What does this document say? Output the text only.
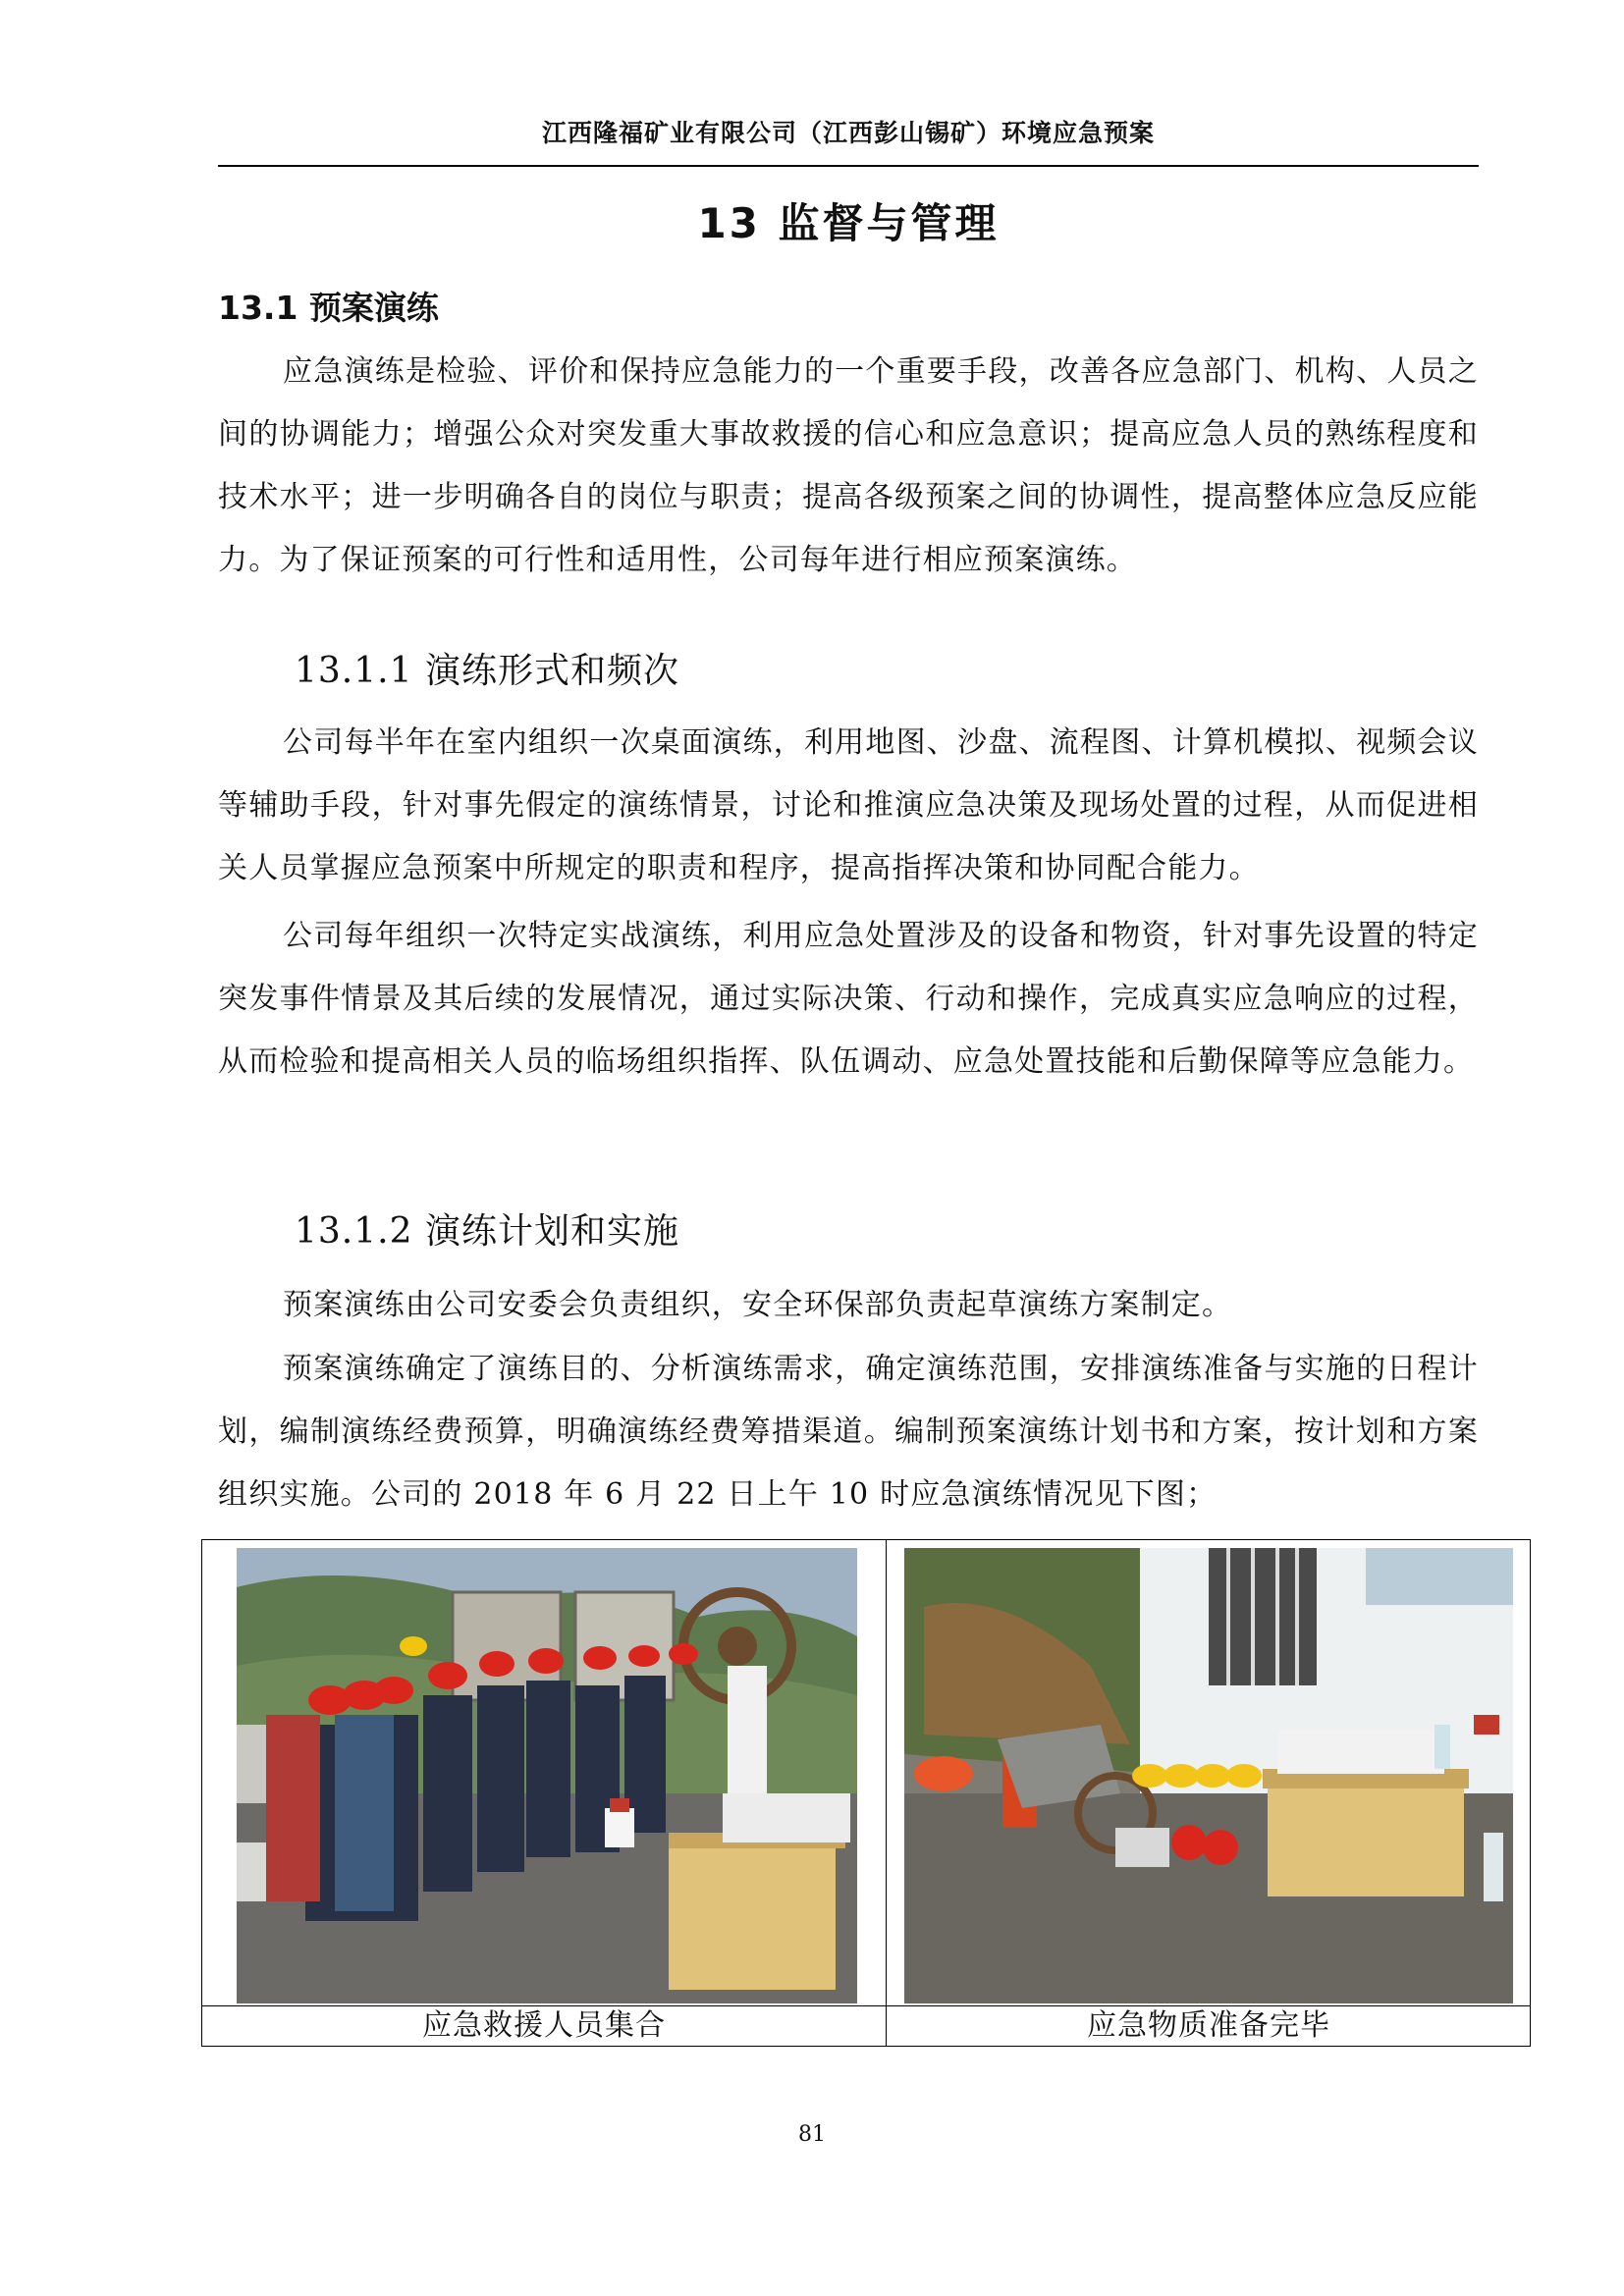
江西隆福矿业有限公司（江西彭山锡矿）环境应急预案
13 监督与管理
13.1 预案演练

应急演练是检验、评价和保持应急能力的一个重要手段，改善各应急部门、机构、人员之间的协调能力；增强公众对突发重大事故救援的信心和应急意识；提高应急人员的熟练程度和技术水平；进一步明确各自的岗位与职责；提高各级预案之间的协调性，提高整体应急反应能力。为了保证预案的可行性和适用性，公司每年进行相应预案演练。

13.1.1 演练形式和频次

公司每半年在室内组织一次桌面演练，利用地图、沙盘、流程图、计算机模拟、视频会议等辅助手段，针对事先假定的演练情景，讨论和推演应急决策及现场处置的过程，从而促进相关人员掌握应急预案中所规定的职责和程序，提高指挥决策和协同配合能力。

公司每年组织一次特定实战演练，利用应急处置涉及的设备和物资，针对事先设置的特定突发事件情景及其后续的发展情况，通过实际决策、行动和操作，完成真实应急响应的过程，从而检验和提高相关人员的临场组织指挥、队伍调动、应急处置技能和后勤保障等应急能力。

13.1.2 演练计划和实施

预案演练由公司安委会负责组织，安全环保部负责起草演练方案制定。

预案演练确定了演练目的、分析演练需求，确定演练范围，安排演练准备与实施的日程计划，编制演练经费预算，明确演练经费筹措渠道。编制预案演练计划书和方案，按计划和方案组织实施。公司的 2018 年 6 月 22 日上午 10 时应急演练情况见下图；

应急救援人员集合	应急物质准备完毕
81
